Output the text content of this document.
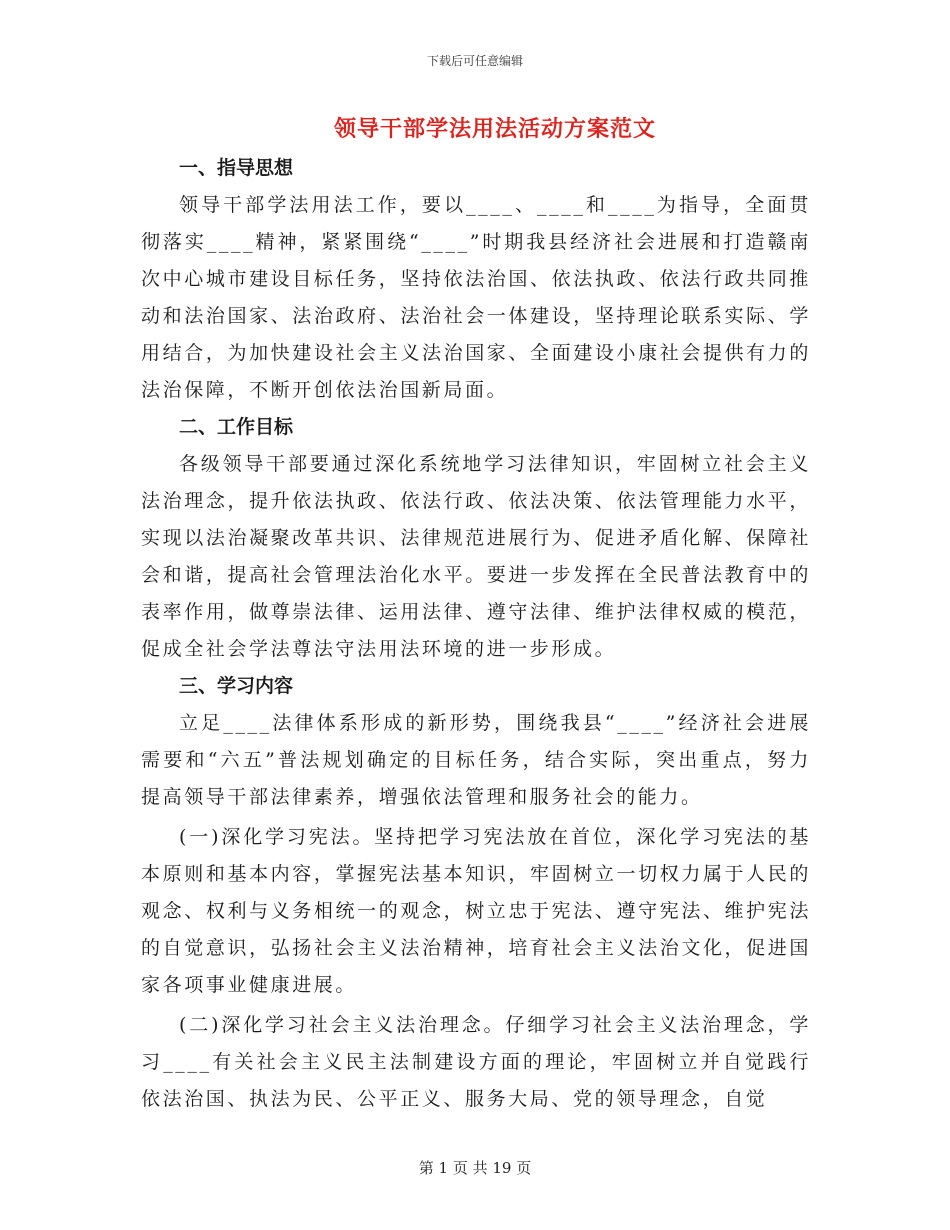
下载后可任意编辑
领导干部学法用法活动方案范文

一、指导思想

领导干部学法用法工作，要以____、____和____为指导，全面贯彻落实____精神，紧紧围绕“____”时期我县经济社会进展和打造赣南次中心城市建设目标任务，坚持依法治国、依法执政、依法行政共同推动和法治国家、法治政府、法治社会一体建设，坚持理论联系实际、学用结合，为加快建设社会主义法治国家、全面建设小康社会提供有力的法治保障，不断开创依法治国新局面。

二、工作目标

各级领导干部要通过深化系统地学习法律知识，牢固树立社会主义法治理念，提升依法执政、依法行政、依法决策、依法管理能力水平，实现以法治凝聚改革共识、法律规范进展行为、促进矛盾化解、保障社会和谐，提高社会管理法治化水平。要进一步发挥在全民普法教育中的表率作用，做尊崇法律、运用法律、遵守法律、维护法律权威的模范，促成全社会学法尊法守法用法环境的进一步形成。

三、学习内容

立足____法律体系形成的新形势，围绕我县“____”经济社会进展需要和“六五”普法规划确定的目标任务，结合实际，突出重点，努力提高领导干部法律素养，增强依法管理和服务社会的能力。

(一)深化学习宪法。坚持把学习宪法放在首位，深化学习宪法的基本原则和基本内容，掌握宪法基本知识，牢固树立一切权力属于人民的观念、权利与义务相统一的观念，树立忠于宪法、遵守宪法、维护宪法的自觉意识，弘扬社会主义法治精神，培育社会主义法治文化，促进国家各项事业健康进展。

(二)深化学习社会主义法治理念。仔细学习社会主义法治理念，学习____有关社会主义民主法制建设方面的理论，牢固树立并自觉践行依法治国、执法为民、公平正义、服务大局、党的领导理念，自觉

第 1 页 共 19 页
